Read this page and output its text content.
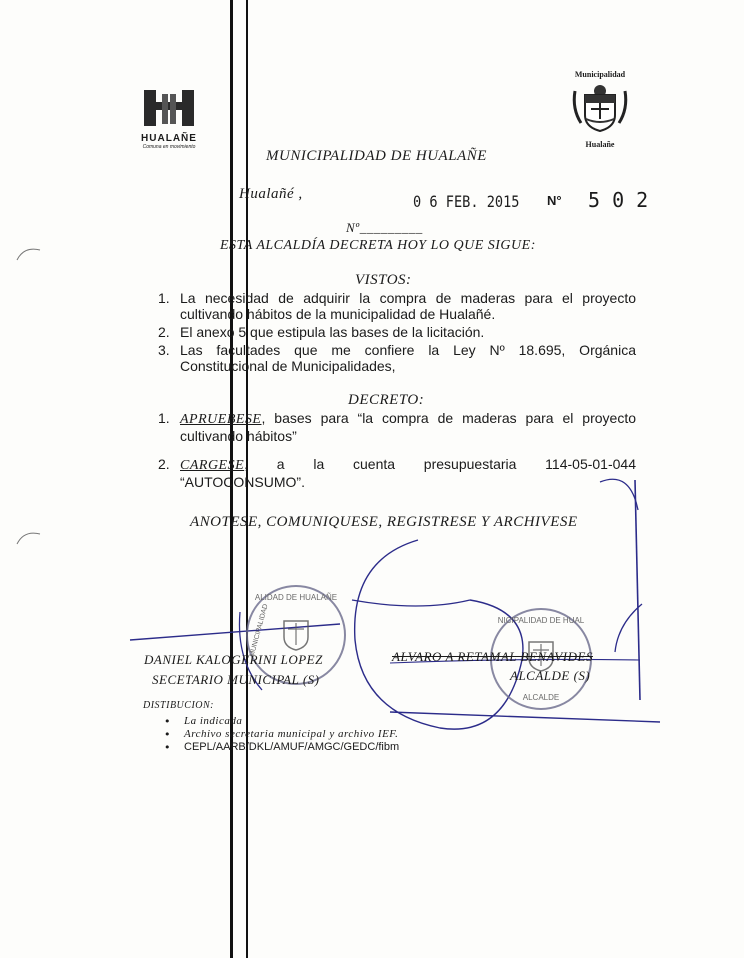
HUALAÑE
Comuna en movimiento
Municipalidad
Hualañe
MUNICIPALIDAD DE HUALAÑE
Hualañé ,	0 6 FEB. 2015 N° 5 0 2
Nº_________
ESTA ALCALDÍA DECRETA HOY LO QUE SIGUE:
VISTOS:
1. La necesidad de adquirir la compra de maderas para el proyecto cultivando hábitos de la municipalidad de Hualañé.
2. El anexo 5 que estipula las bases de la licitación.
3. Las facultades que me confiere la Ley Nº 18.695, Orgánica Constitucional de Municipalidades,
DECRETO:
1. APRUEBESE, bases para “la compra de maderas para el proyecto cultivando hábitos”
2. CARGESE, a la cuenta presupuestaria 114-05-01-044 “AUTOCONSUMO”.
ANOTESE, COMUNIQUESE, REGISTRESE Y ARCHIVESE
ALIDAD DE HUALAÑE
MUNICIPALIDAD	NICIPALIDAD DE HUAL
ALCALDE
DANIEL KALOGERINI LOPEZ
SECETARIO MUNICIPAL (S)
ALVARO A RETAMAL BENAVIDES
ALCALDE (S)
DISTIBUCION:
• La indicada
• Archivo secretaria municipal y archivo IEF.
• CEPL/AARB/DKL/AMUF/AMGC/GEDC/fibm
